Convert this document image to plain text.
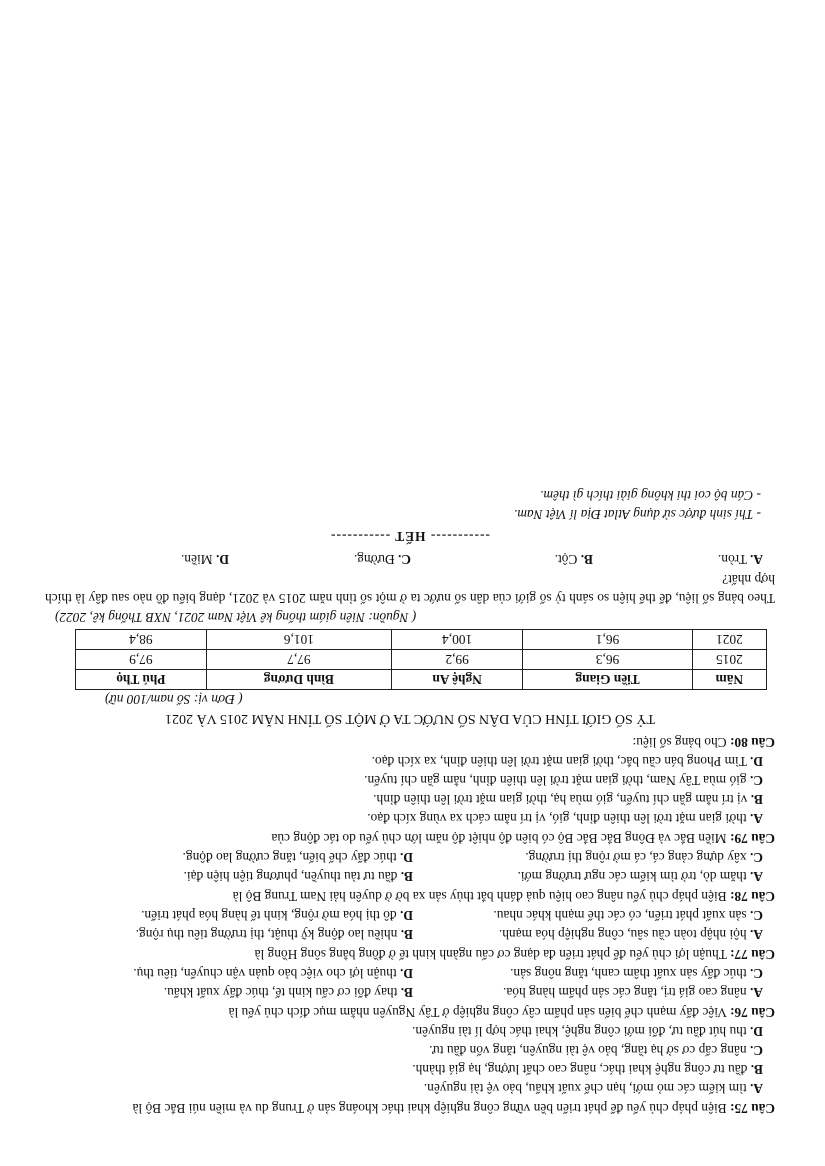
Câu 75: Biện pháp chủ yếu để phát triển bền vững công nghiệp khai thác khoáng sản ở Trung du và miền núi Bắc Bộ là
A. tìm kiếm các mỏ mới, hạn chế xuất khẩu, bảo vệ tài nguyên.
B. đầu tư công nghệ khai thác, nâng cao chất lượng, hạ giá thành.
C. nâng cấp cơ sở hạ tầng, bảo vệ tài nguyên, tăng vốn đầu tư.
D. thu hút đầu tư, đổi mới công nghệ, khai thác hợp lí tài nguyên.
Câu 76: Việc đẩy mạnh chế biến sản phẩm cây công nghiệp ở Tây Nguyên nhằm mục đích chủ yếu là
A. nâng cao giá trị, tăng các sản phẩm hàng hóa.
B. thay đổi cơ cấu kinh tế, thúc đẩy xuất khẩu.
C. thúc đẩy sản xuất thâm canh, tăng nông sản.
D. thuận lợi cho việc bảo quản vận chuyển, tiêu thụ.
Câu 77: Thuận lợi chủ yếu để phát triển đa dạng cơ cấu ngành kinh tế ở đồng bằng sông Hồng là
A. hội nhập toàn cầu sâu, công nghiệp hóa mạnh.
B. nhiều lao động kỹ thuật, thị trường tiêu thụ rộng.
C. sản xuất phát triển, có các thế mạnh khác nhau.
D. đô thị hóa mở rộng, kinh tế hàng hóa phát triển.
Câu 78: Biện pháp chủ yếu nâng cao hiệu quả đánh bắt thủy sản xa bờ ở duyên hải Nam Trung Bộ là
A. thăm dò, trở tìm kiếm các ngư trường mới.
B. đầu tư tàu thuyền, phương tiện hiện đại.
C. xây dựng cảng cá, cá mở rộng thị trường.
D. thúc đẩy chế biến, tăng cường lao động.
Câu 79: Miền Bắc và Đông Bắc Bắc Bộ có biên độ nhiệt độ năm lớn chủ yếu do tác động của
A. thời gian mặt trời lên thiên đỉnh, gió, vị trí nằm cách xa vùng xích đạo.
B. vị trí nằm gần chí tuyến, gió mùa hạ, thời gian mặt trời lên thiên đỉnh.
C. gió mùa Tây Nam, thời gian mặt trời lên thiên đỉnh, nằm gần chí tuyến.
D. Tìm Phong bán cầu bắc, thời gian mặt trời lên thiên đỉnh, xa xích đạo.
Câu 80: Cho bảng số liệu:
TỶ SỐ GIỚI TÍNH CỦA DÂN SỐ NƯỚC TA Ở MỘT SỐ TỈNH NĂM 2015 VÀ 2021
( Đơn vị: Số nam/100 nữ)
Năm	Tiền Giang	Nghệ An	Bình Dương	Phú Thọ
2015	96,3	99,2	97,7	97,9
2021	96,1	100,4	101,6	98,4
( Nguồn: Niên giám thống kê Việt Nam 2021, NXB Thống kê, 2022)
Theo bảng số liệu, để thể hiện so sánh tỷ số giới của dân số nước ta ở một số tỉnh năm 2015 và 2021, dạng biểu đồ nào sau đây là thích hợp nhất?
A. Tròn.
B. Cột.
C. Đường.
D. Miền.
----------- HẾT -----------
- Thí sinh được sử dụng Atlat Địa lí Việt Nam.
- Cán bộ coi thi không giải thích gì thêm.
